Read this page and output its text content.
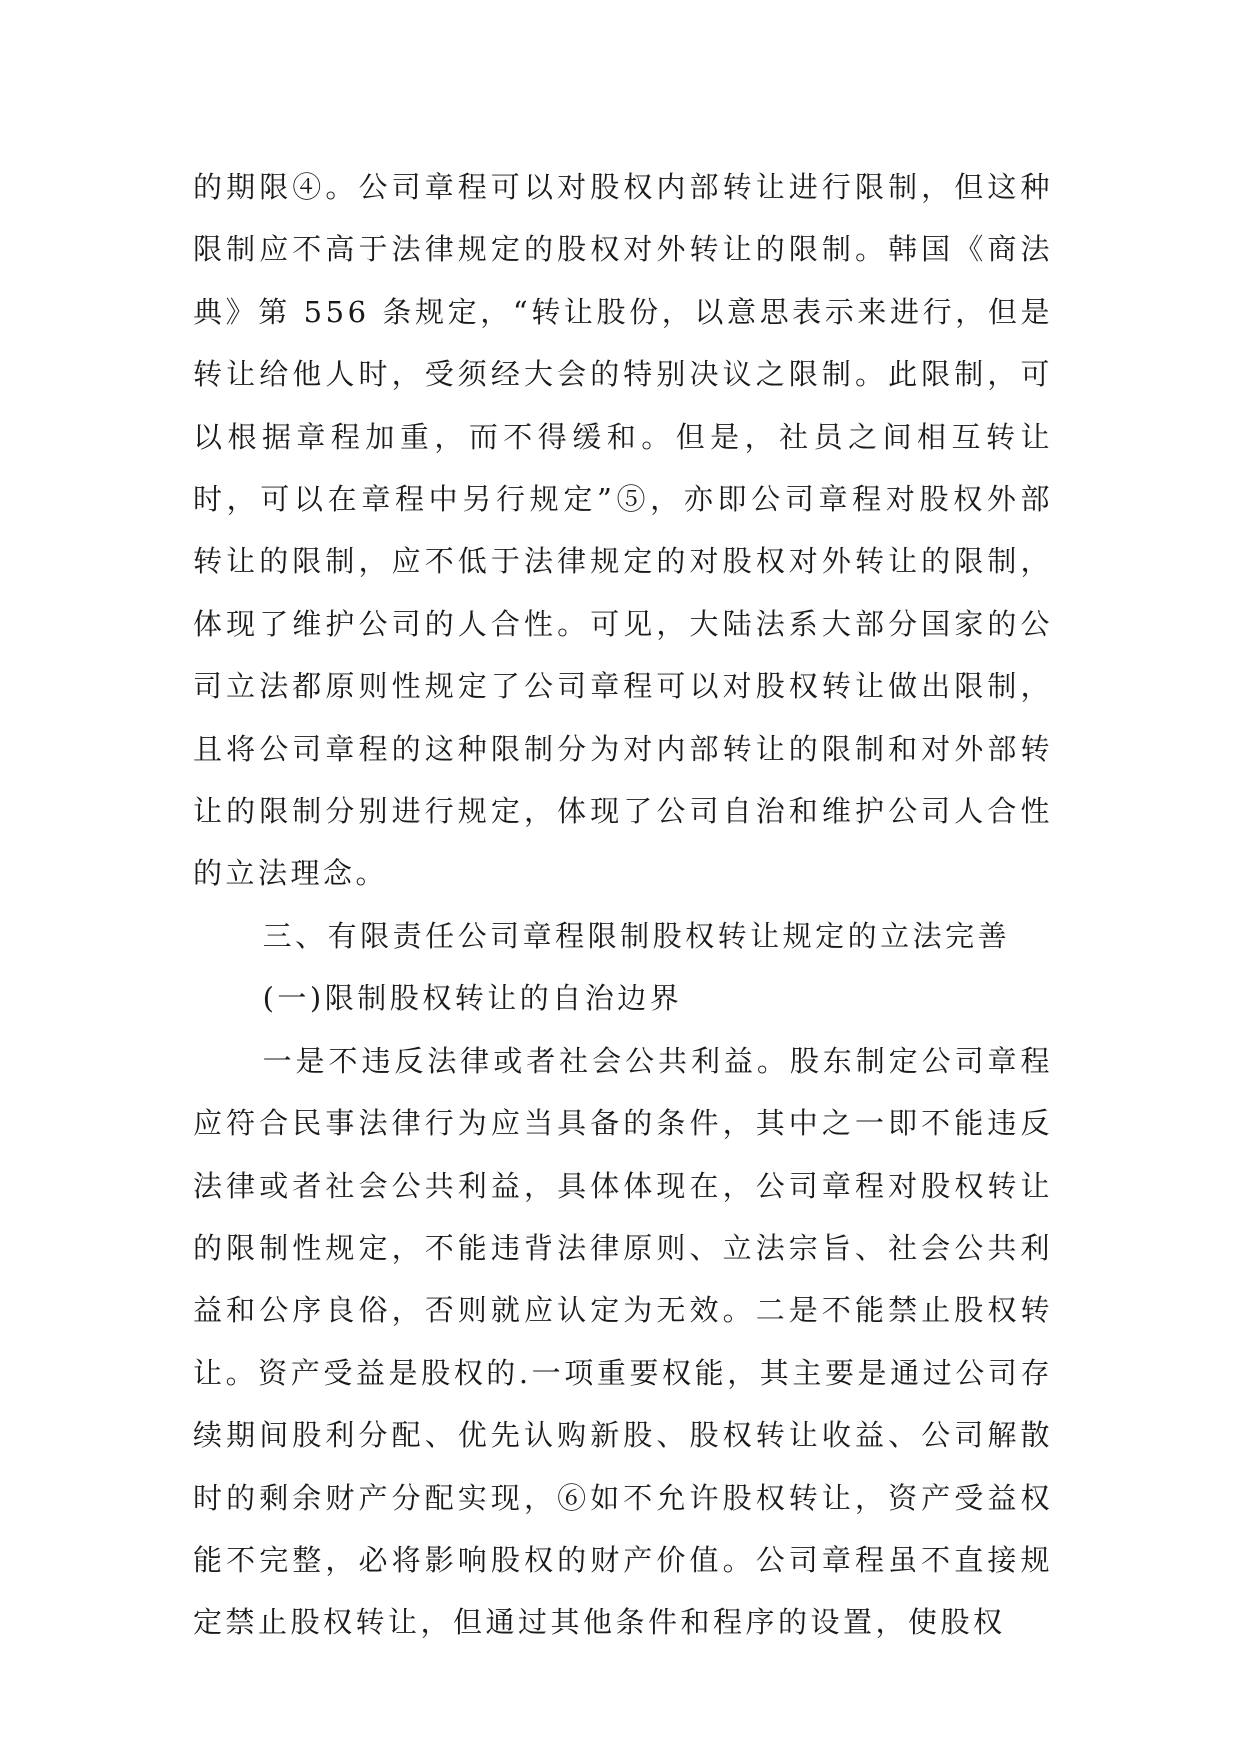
的期限④。公司章程可以对股权内部转让进行限制，但这种限制应不高于法律规定的股权对外转让的限制。韩国《商法典》第 556 条规定，“转让股份，以意思表示来进行，但是转让给他人时，受须经大会的特别决议之限制。此限制，可以根据章程加重，而不得缓和。但是，社员之间相互转让时，可以在章程中另行规定”⑤，亦即公司章程对股权外部转让的限制，应不低于法律规定的对股权对外转让的限制，体现了维护公司的人合性。可见，大陆法系大部分国家的公司立法都原则性规定了公司章程可以对股权转让做出限制，且将公司章程的这种限制分为对内部转让的限制和对外部转让的限制分别进行规定，体现了公司自治和维护公司人合性的立法理念。

三、有限责任公司章程限制股权转让规定的立法完善

(一)限制股权转让的自治边界

一是不违反法律或者社会公共利益。股东制定公司章程应符合民事法律行为应当具备的条件，其中之一即不能违反法律或者社会公共利益，具体体现在，公司章程对股权转让的限制性规定，不能违背法律原则、立法宗旨、社会公共利益和公序良俗，否则就应认定为无效。二是不能禁止股权转让。资产受益是股权的.一项重要权能，其主要是通过公司存续期间股利分配、优先认购新股、股权转让收益、公司解散时的剩余财产分配实现，⑥如不允许股权转让，资产受益权能不完整，必将影响股权的财产价值。公司章程虽不直接规定禁止股权转让，但通过其他条件和程序的设置，使股权
